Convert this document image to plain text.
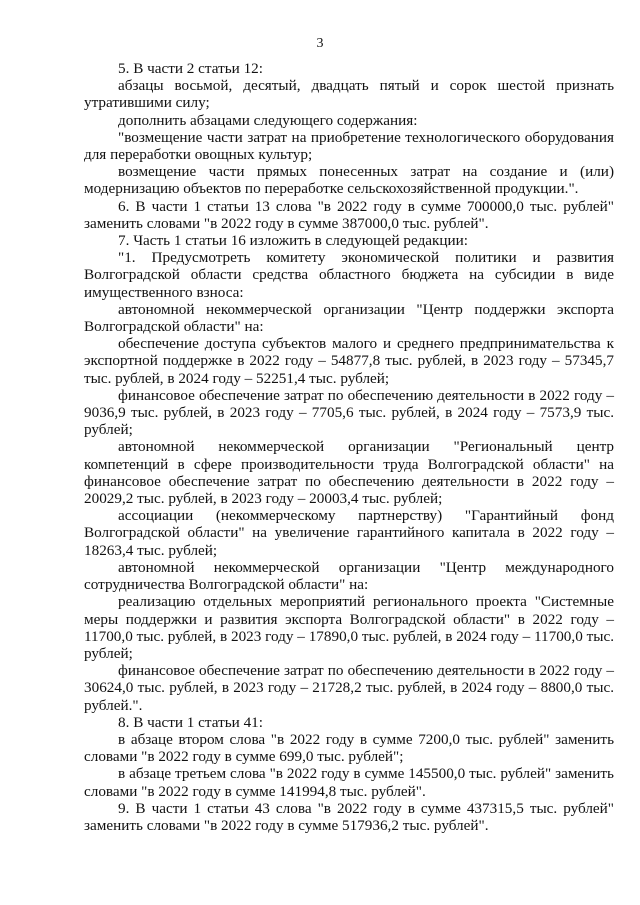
3

5. В части 2 статьи 12:

абзацы восьмой, десятый, двадцать пятый и сорок шестой признать утратившими силу;

дополнить абзацами следующего содержания:

"возмещение части затрат на приобретение технологического оборудования для переработки овощных культур;

возмещение части прямых понесенных затрат на создание и (или) модернизацию объектов по переработке сельскохозяйственной продукции.".

6. В части 1 статьи 13 слова "в 2022 году в сумме 700000,0 тыс. рублей" заменить словами "в 2022 году в сумме 387000,0 тыс. рублей".

7. Часть 1 статьи 16 изложить в следующей редакции:

"1. Предусмотреть комитету экономической политики и развития Волгоградской области средства областного бюджета на субсидии в виде имущественного взноса:

автономной некоммерческой организации "Центр поддержки экспорта Волгоградской области" на:

обеспечение доступа субъектов малого и среднего предпринимательства к экспортной поддержке в 2022 году – 54877,8 тыс. рублей, в 2023 году – 57345,7 тыс. рублей, в 2024 году – 52251,4 тыс. рублей;

финансовое обеспечение затрат по обеспечению деятельности в 2022 году – 9036,9 тыс. рублей, в 2023 году – 7705,6 тыс. рублей, в 2024 году – 7573,9 тыс. рублей;

автономной некоммерческой организации "Региональный центр компетенций в сфере производительности труда Волгоградской области" на финансовое обеспечение затрат по обеспечению деятельности в 2022 году – 20029,2 тыс. рублей, в 2023 году – 20003,4 тыс. рублей;

ассоциации (некоммерческому партнерству) "Гарантийный фонд Волгоградской области" на увеличение гарантийного капитала в 2022 году – 18263,4 тыс. рублей;

автономной некоммерческой организации "Центр международного сотрудничества Волгоградской области" на:

реализацию отдельных мероприятий регионального проекта "Системные меры поддержки и развития экспорта Волгоградской области" в 2022 году – 11700,0 тыс. рублей, в 2023 году – 17890,0 тыс. рублей, в 2024 году – 11700,0 тыс. рублей;

финансовое обеспечение затрат по обеспечению деятельности в 2022 году – 30624,0 тыс. рублей, в 2023 году – 21728,2 тыс. рублей, в 2024 году – 8800,0 тыс. рублей.".

8. В части 1 статьи 41:

в абзаце втором слова "в 2022 году в сумме 7200,0 тыс. рублей" заменить словами "в 2022 году в сумме 699,0 тыс. рублей";

в абзаце третьем слова "в 2022 году в сумме 145500,0 тыс. рублей" заменить словами "в 2022 году в сумме 141994,8 тыс. рублей".

9. В части 1 статьи 43 слова "в 2022 году в сумме 437315,5 тыс. рублей" заменить словами "в 2022 году в сумме 517936,2 тыс. рублей".
